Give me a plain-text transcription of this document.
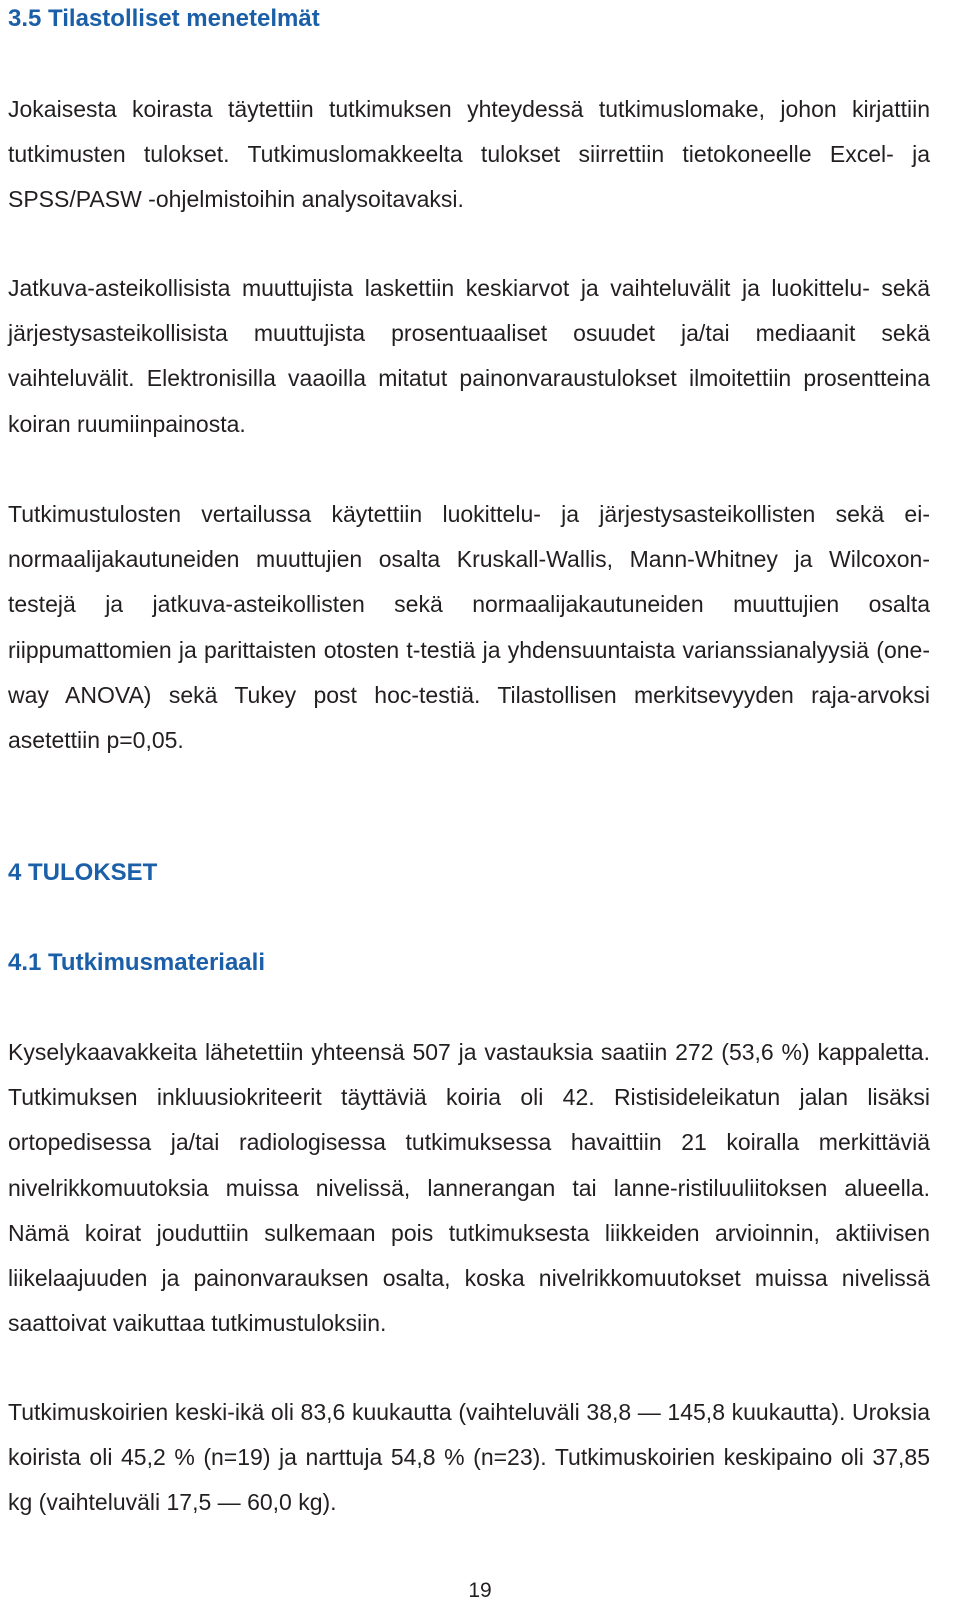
3.5 Tilastolliset menetelmät

Jokaisesta koirasta täytettiin tutkimuksen yhteydessä tutkimuslomake, johon kirjattiin tutkimusten tulokset. Tutkimuslomakkeelta tulokset siirrettiin tietokoneelle Excel- ja SPSS/PASW -ohjelmistoihin analysoitavaksi.

Jatkuva-asteikollisista muuttujista laskettiin keskiarvot ja vaihteluvälit ja luokittelu- sekä järjestysasteikollisista muuttujista prosentuaaliset osuudet ja/tai mediaanit sekä vaihteluvälit. Elektronisilla vaaoilla mitatut painonvaraustulokset ilmoitettiin prosentteina koiran ruumiinpainosta.

Tutkimustulosten vertailussa käytettiin luokittelu- ja järjestysasteikollisten sekä ei-normaalijakautuneiden muuttujien osalta Kruskall-Wallis, Mann-Whitney ja Wilcoxon- testejä ja jatkuva-asteikollisten sekä normaalijakautuneiden muuttujien osalta riippumattomien ja parittaisten otosten t-testiä ja yhdensuuntaista varianssianalyysiä (one-way ANOVA) sekä Tukey post hoc-testiä. Tilastollisen merkitsevyyden raja-arvoksi asetettiin p=0,05.

4 TULOKSET
4.1 Tutkimusmateriaali

Kyselykaavakkeita lähetettiin yhteensä 507 ja vastauksia saatiin 272 (53,6 %) kappaletta. Tutkimuksen inkluusiokriteerit täyttäviä koiria oli 42. Ristisideleikatun jalan lisäksi ortopedisessa ja/tai radiologisessa tutkimuksessa havaittiin 21 koiralla merkittäviä nivelrikkomuutoksia muissa nivelissä, lannerangan tai lanne-ristiluuliitoksen alueella. Nämä koirat jouduttiin sulkemaan pois tutkimuksesta liikkeiden arvioinnin, aktiivisen liikelaajuuden ja painonvarauksen osalta, koska nivelrikkomuutokset muissa nivelissä saattoivat vaikuttaa tutkimustuloksiin.

Tutkimuskoirien keski-ikä oli 83,6 kuukautta (vaihteluväli 38,8 — 145,8 kuukautta). Uroksia koirista oli 45,2 % (n=19) ja narttuja 54,8 % (n=23). Tutkimuskoirien keskipaino oli 37,85 kg (vaihteluväli 17,5 — 60,0 kg).

19
